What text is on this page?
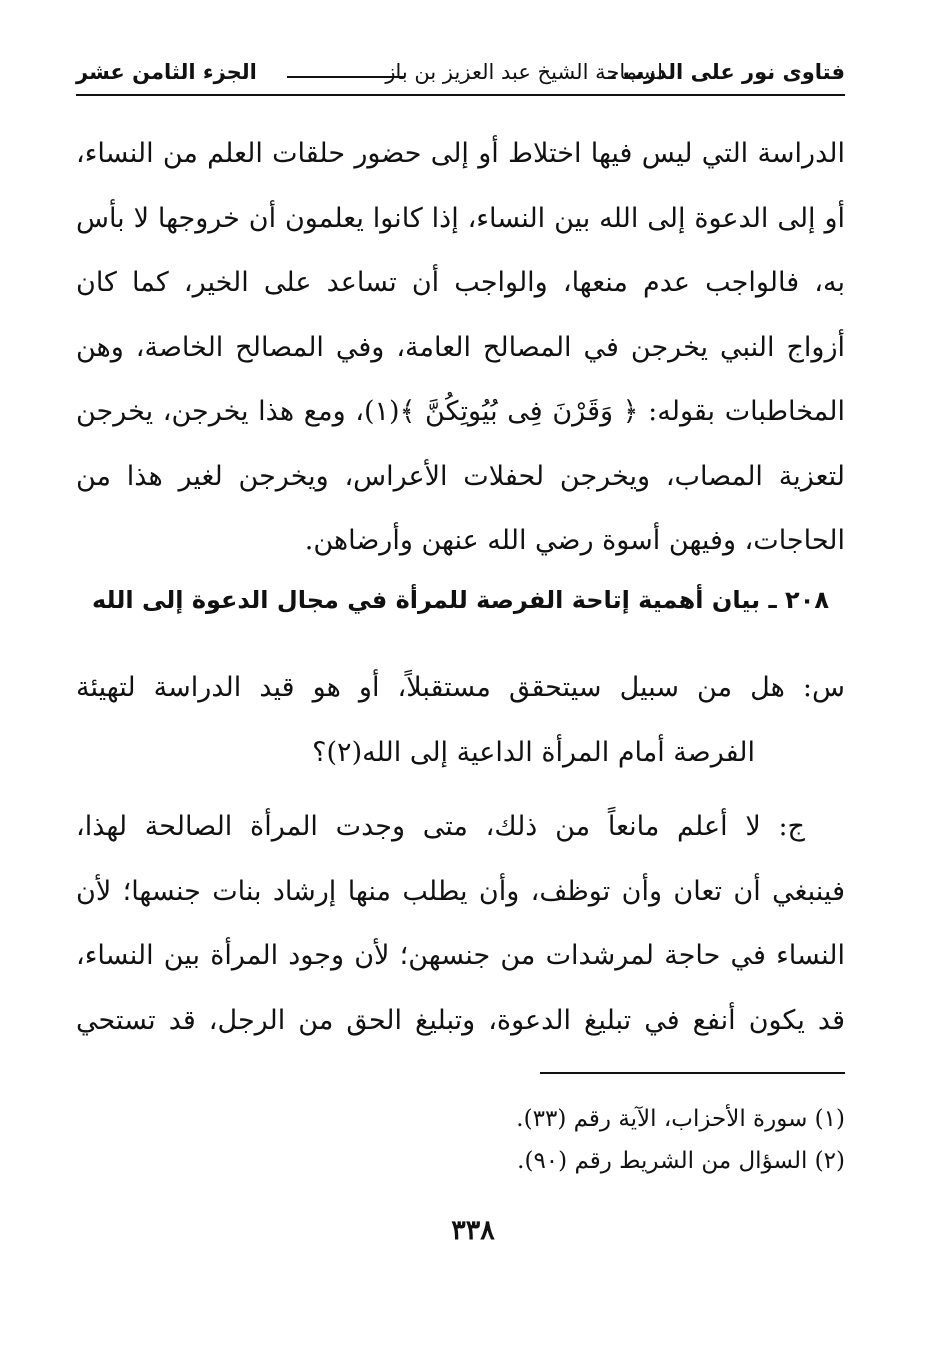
فتاوى نور على الدرب ـ
لسماحة الشيخ عبد العزيز بن باز
الجزء الثامن عشر
الدراسة التي ليس فيها اختلاط أو إلى حضور حلقات العلم من النساء،
أو إلى الدعوة إلى الله بين النساء، إذا كانوا يعلمون أن خروجها لا بأس
به، فالواجب عدم منعها، والواجب أن تساعد على الخير، كما كان
أزواج النبي يخرجن في المصالح العامة، وفي المصالح الخاصة، وهن
المخاطبات بقوله: ﴿ وَقَرْنَ فِى بُيُوتِكُنَّ ﴾(١)، ومع هذا يخرجن، يخرجن
لتعزية المصاب، ويخرجن لحفلات الأعراس، ويخرجن لغير هذا من
الحاجات، وفيهن أسوة رضي الله عنهن وأرضاهن.
٢٠٨ ـ بيان أهمية إتاحة الفرصة للمرأة في مجال الدعوة إلى الله
س: هل من سبيل سيتحقق مستقبلاً، أو هو قيد الدراسة لتهيئة
الفرصة أمام المرأة الداعية إلى الله(٢)؟
ج: لا أعلم مانعاً من ذلك، متى وجدت المرأة الصالحة لهذا،
فينبغي أن تعان وأن توظف، وأن يطلب منها إرشاد بنات جنسها؛ لأن
النساء في حاجة لمرشدات من جنسهن؛ لأن وجود المرأة بين النساء،
قد يكون أنفع في تبليغ الدعوة، وتبليغ الحق من الرجل، قد تستحي
(١) سورة الأحزاب، الآية رقم (٣٣).
(٢) السؤال من الشريط رقم (٩٠).
٣٣٨
